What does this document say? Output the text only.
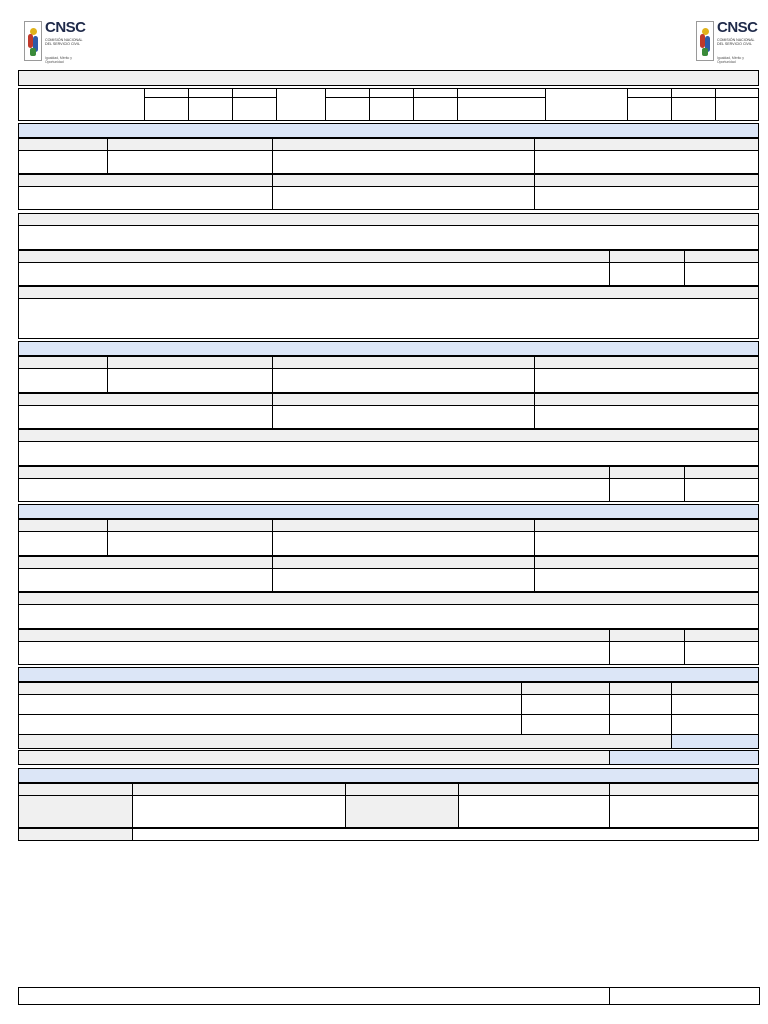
CNSC
COMISIÓN NACIONAL
DEL SERVICIO CIVIL
Igualdad, Mérito y Oportunidad
CNSC
COMISIÓN NACIONAL
DEL SERVICIO CIVIL
Igualdad, Mérito y Oportunidad
